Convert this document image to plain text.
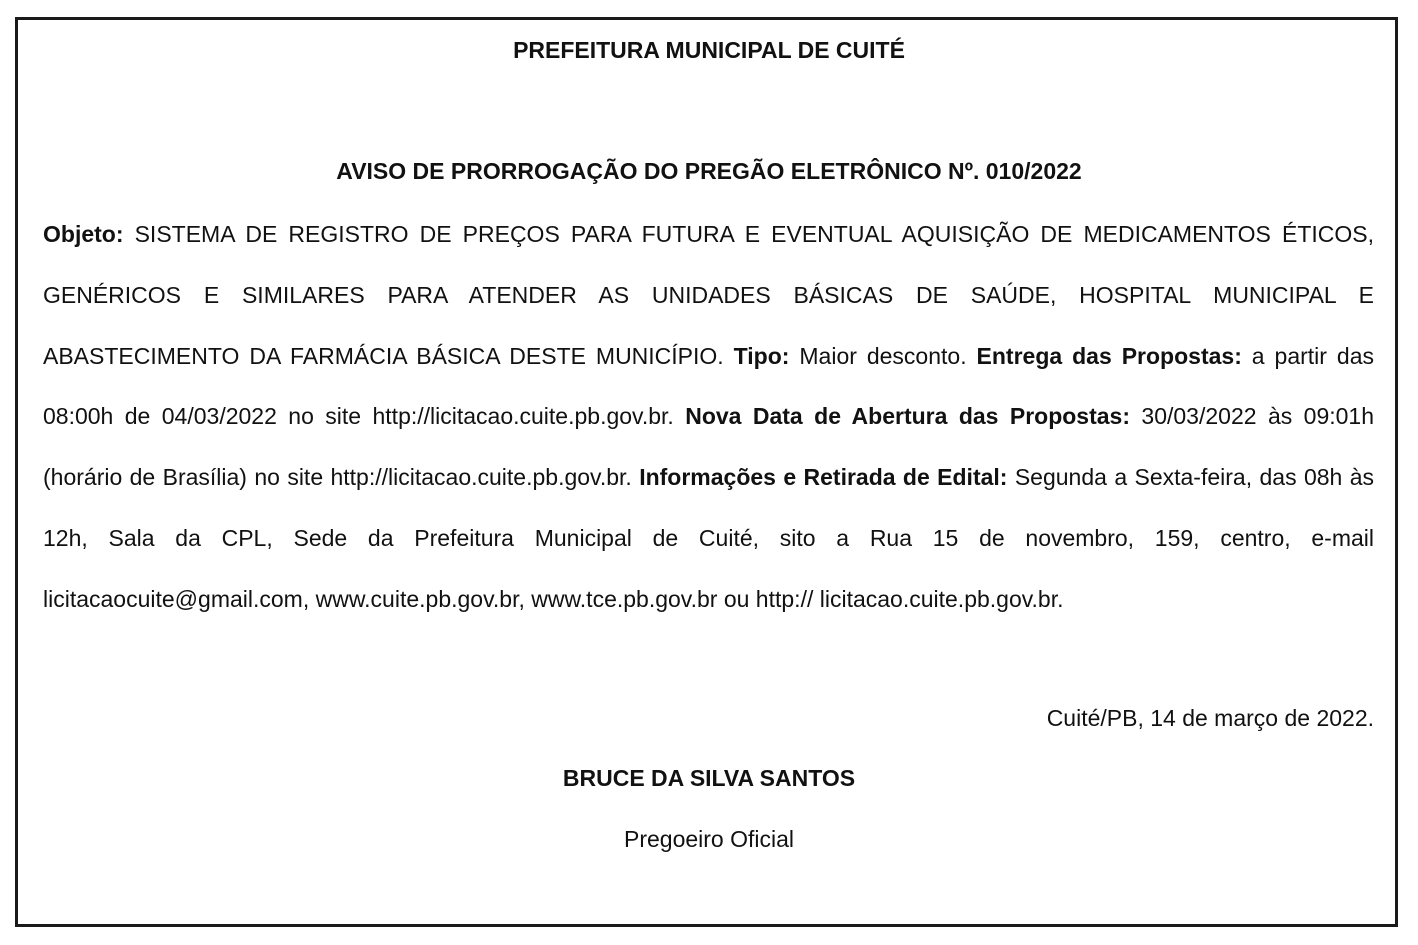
PREFEITURA MUNICIPAL DE CUITÉ
AVISO DE PRORROGAÇÃO DO PREGÃO ELETRÔNICO Nº. 010/2022

Objeto: SISTEMA DE REGISTRO DE PREÇOS PARA FUTURA E EVENTUAL AQUISIÇÃO DE MEDICAMENTOS ÉTICOS, GENÉRICOS E SIMILARES PARA ATENDER AS UNIDADES BÁSICAS DE SAÚDE, HOSPITAL MUNICIPAL E ABASTECIMENTO DA FARMÁCIA BÁSICA DESTE MUNICÍPIO. Tipo: Maior desconto. Entrega das Propostas: a partir das 08:00h de 04/03/2022 no site http://licitacao.cuite.pb.gov.br. Nova Data de Abertura das Propostas: 30/03/2022 às 09:01h (horário de Brasília) no site http://licitacao.cuite.pb.gov.br. Informações e Retirada de Edital: Segunda a Sexta-feira, das 08h às 12h, Sala da CPL, Sede da Prefeitura Municipal de Cuité, sito a Rua 15 de novembro, 159, centro, e-mail licitacaocuite@gmail.com, www.cuite.pb.gov.br, www.tce.pb.gov.br ou http:// licitacao.cuite.pb.gov.br.

Cuité/PB, 14 de março de 2022.
BRUCE DA SILVA SANTOS
Pregoeiro Oficial
